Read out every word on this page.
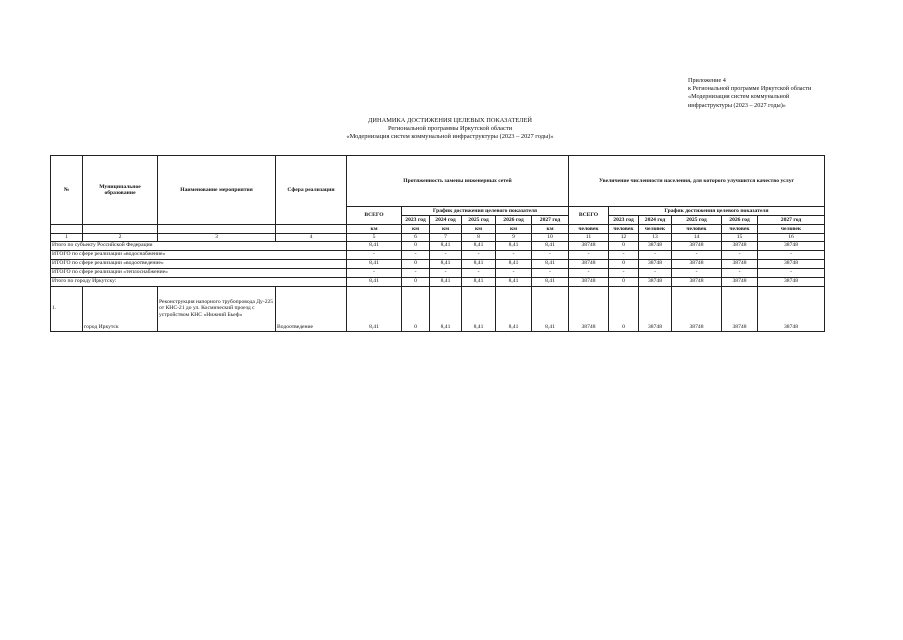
Приложение 4
к Региональной программе Иркутской области
«Модернизация систем коммунальной
инфраструктуры (2023 – 2027 годы)»
ДИНАМИКА ДОСТИЖЕНИЯ ЦЕЛЕВЫХ ПОКАЗАТЕЛЕЙ
Региональной программы Иркутской области
«Модернизация систем коммунальной инфраструктуры (2023 – 2027 годы)»
№	Муниципальное образование	Наименование мероприятия	Сфера реализации	Протяженность замены инженерных сетей						Увеличение численности населения, для которого улучшится качество услуг					
				ВСЕГО	График достижения целевого показателя					ВСЕГО	График достижения целевого показателя				
					2023 год	2024 год	2025 год	2026 год	2027 год		2023 год	2024 год	2025 год	2026 год	2027 год
				км	км	км	км	км	км	человек	человек	человек	человек	человек	человек
1	2	3	4	5	6	7	8	9	10	11	12	13	14	15	16
Итого по субъекту Российской Федерации				8,41	0	8,41	8,41	8,41	8,41	38748	0	38748	38748	38748	38748
ИТОГО по сфере реализации «водоснабжение»				-	-	-	-	-	-	-	-	-	-	-	-
ИТОГО по сфере реализации «водоотведение»				8,41	0	8,41	8,41	8,41	8,41	38748	0	38748	38748	38748	38748
ИТОГО по сфере реализации «теплоснабжение»				-	-	-	-	-	-	-	-	-	-	-	-
Итого по городу Иркутску:				8,41	0	8,41	8,41	8,41	8,41	38748	0	38748	38748	38748	38748
1.	город Иркутск	Реконструкция напорного трубопровода Ду-225 от КНС-21 до ул. Космический проезд с устройством КНС «Нижний Бьеф»	Водоотведение	8,41	0	8,41	8,41	8,41	8,41	38748	0	38748	38748	38748	38748
